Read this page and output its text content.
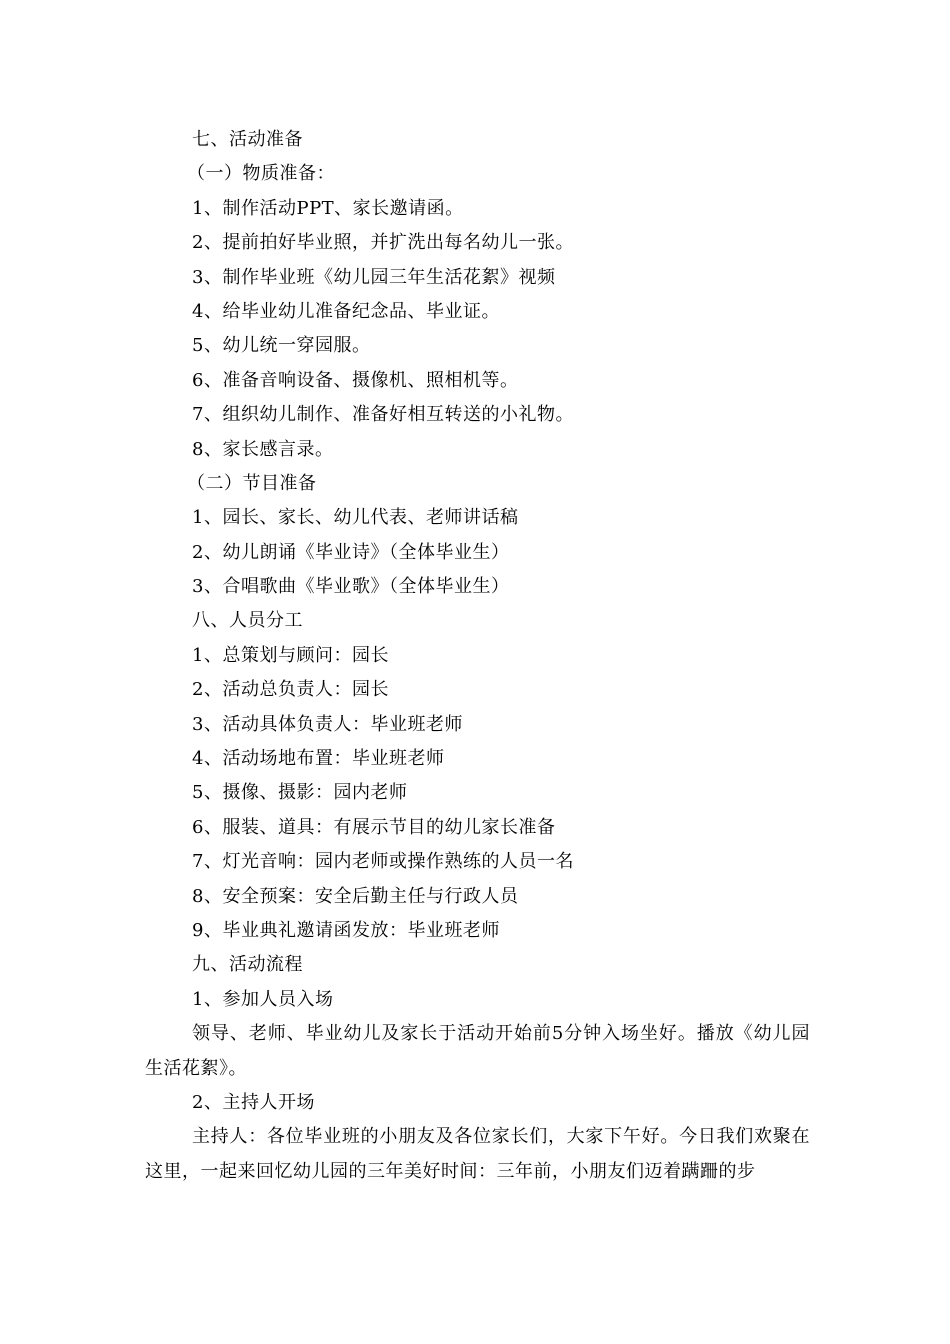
七、活动准备
（一）物质准备：
1、制作活动PPT、家长邀请函。
2、提前拍好毕业照，并扩洗出每名幼儿一张。
3、制作毕业班《幼儿园三年生活花絮》视频
4、给毕业幼儿准备纪念品、毕业证。
5、幼儿统一穿园服。
6、准备音响设备、摄像机、照相机等。
7、组织幼儿制作、准备好相互转送的小礼物。
8、家长感言录。
（二）节目准备
1、园长、家长、幼儿代表、老师讲话稿
2、幼儿朗诵《毕业诗》（全体毕业生）
3、合唱歌曲《毕业歌》（全体毕业生）
八、人员分工
1、总策划与顾问：园长
2、活动总负责人：园长
3、活动具体负责人：毕业班老师
4、活动场地布置：毕业班老师
5、摄像、摄影：园内老师
6、服装、道具：有展示节目的幼儿家长准备
7、灯光音响：园内老师或操作熟练的人员一名
8、安全预案：安全后勤主任与行政人员
9、毕业典礼邀请函发放：毕业班老师
九、活动流程
1、参加人员入场

领导、老师、毕业幼儿及家长于活动开始前5分钟入场坐好。播放《幼儿园生活花絮》。

2、主持人开场

主持人：各位毕业班的小朋友及各位家长们，大家下午好。今日我们欢聚在这里，一起来回忆幼儿园的三年美好时间：三年前，小朋友们迈着蹒跚的步
